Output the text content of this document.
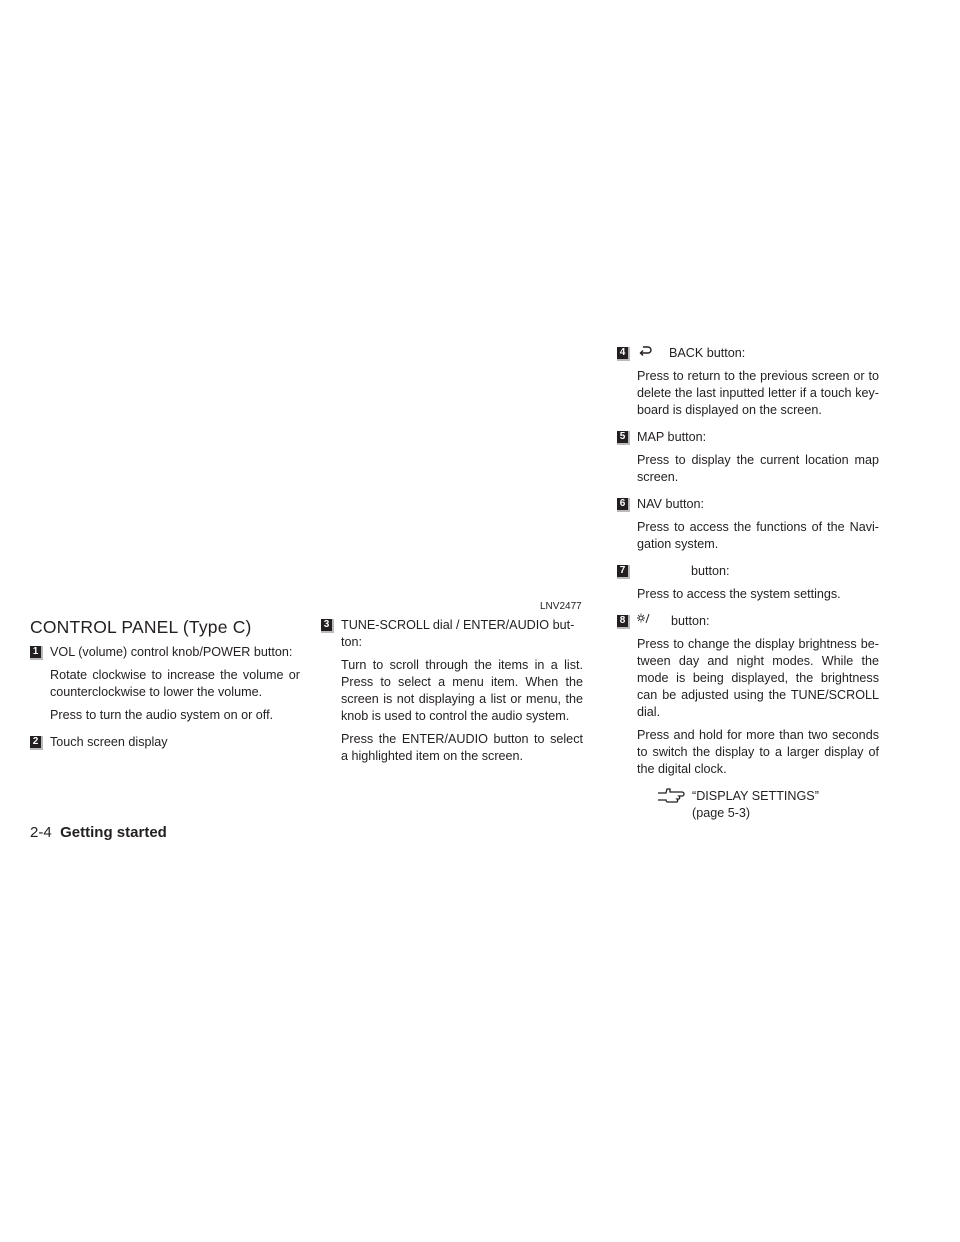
LNV2477
CONTROL PANEL (Type C)
1 VOL (volume) control knob/POWER button:
Rotate clockwise to increase the volume or counterclockwise to lower the volume.
Press to turn the audio system on or off.
2 Touch screen display
3 TUNE-SCROLL dial / ENTER/AUDIO but-ton:
Turn to scroll through the items in a list. Press to select a menu item. When the screen is not displaying a list or menu, the knob is used to control the audio system.
Press the ENTER/AUDIO button to select a highlighted item on the screen.
4	BACK button:
Press to return to the previous screen or to delete the last inputted letter if a touch key-board is displayed on the screen.
5 MAP button:
Press to display the current location map screen.
6 NAV button:
Press to access the functions of the Navi-gation system.
7	button:
Press to access the system settings.
8	button:
Press to change the display brightness be-tween day and night modes. While the mode is being displayed, the brightness can be adjusted using the TUNE/SCROLL dial.
Press and hold for more than two seconds to switch the display to a larger display of the digital clock.
“DISPLAY SETTINGS”
(page 5-3)
2-4 Getting started
